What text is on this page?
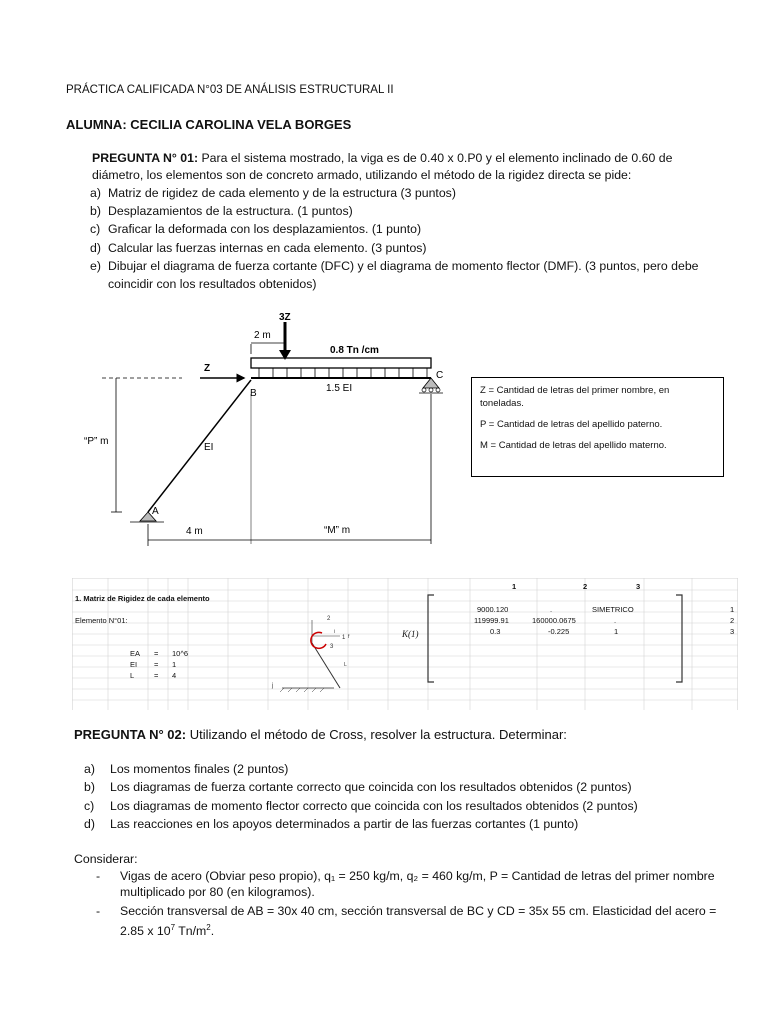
PRÁCTICA CALIFICADA N°03 DE ANÁLISIS ESTRUCTURAL II
ALUMNA: CECILIA CAROLINA VELA BORGES
PREGUNTA N° 01: Para el sistema mostrado, la viga es de 0.40 x 0.P0 y el elemento inclinado de 0.60 de
diámetro, los elementos son de concreto armado, utilizando el método de la rigidez directa se pide:
a) Matriz de rigidez de cada elemento y de la estructura (3 puntos)
b) Desplazamientos de la estructura. (1 puntos)
c) Graficar la deformada con los desplazamientos. (1 punto)
d) Calcular las fuerzas internas en cada elemento. (3 puntos)
e) Dibujar el diagrama de fuerza cortante (DFC) y el diagrama de momento flector (DMF). (3 puntos, pero debe coincidir con los resultados obtenidos)
3Z
2 m
0.8 Tn /cm
1.5 EI
Z
B
C
“P” m
EI
A
4 m	“M” m

Z = Cantidad de letras del primer nombre, en toneladas.

P = Cantidad de letras del apellido paterno.

M = Cantidad de letras del apellido materno.

2
1
3
i
f
j
L
1. Matriz de Rigidez de cada elemento
Elemento N°01:
EA = 10^6
EI = 1
L	= 4
K(1)
1	2	3
9000.120	.	SIMETRICO
119999.91	160000.0675	.
0.3	-0.225	1
1
2
3
PREGUNTA N° 02: Utilizando el método de Cross, resolver la estructura. Determinar:
a) Los momentos finales (2 puntos)
b) Los diagramas de fuerza cortante correcto que coincida con los resultados obtenidos (2 puntos)
c) Los diagramas de momento flector correcto que coincida con los resultados obtenidos (2 puntos)
d) Las reacciones en los apoyos determinados a partir de las fuerzas cortantes (1 punto)
Considerar:
- Vigas de acero (Obviar peso propio), q₁ = 250 kg/m, q₂ = 460 kg/m, P = Cantidad de letras del primer nombre multiplicado por 80 (en kilogramos).
- Sección transversal de AB = 30x 40 cm, sección transversal de BC y CD = 35x 55 cm. Elasticidad del acero = 2.85 x $10^7$ $Tn/m^2$.
